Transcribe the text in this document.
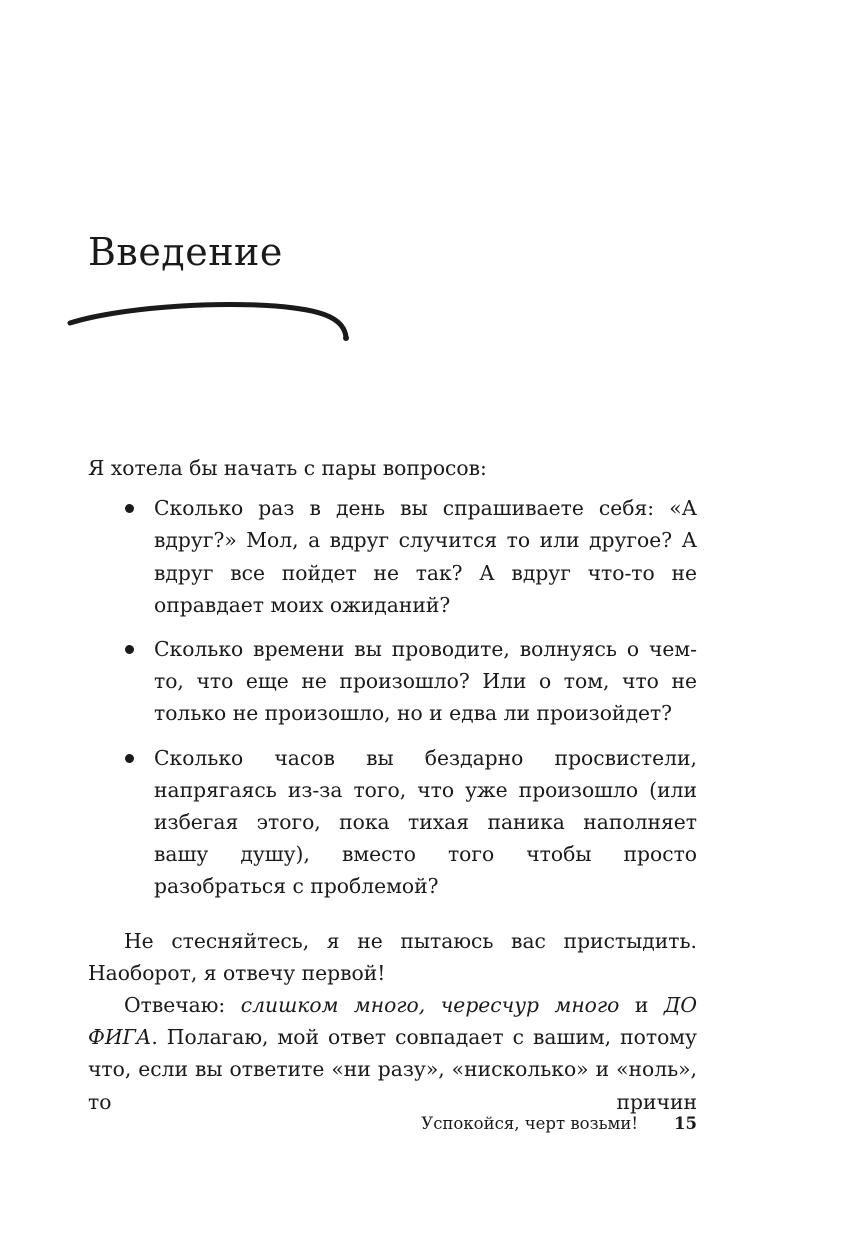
Введение

Я хотела бы начать с пары вопросов:

Сколько раз в день вы спрашиваете себя: «А вдруг?» Мол, а вдруг случится то или другое? А вдруг все пойдет не так? А вдруг что-то не оправдает моих ожиданий?
Сколько времени вы проводите, волнуясь о чем-то, что еще не произошло? Или о том, что не только не произошло, но и едва ли произойдет?
Сколько часов вы бездарно просвистели, напрягаясь из-за того, что уже произошло (или избегая этого, пока тихая паника наполняет вашу душу), вместо того чтобы просто разобраться с проблемой?

Не стесняйтесь, я не пытаюсь вас пристыдить. Наоборот, я отвечу первой!

Отвечаю: слишком много, чересчур много и ДО ФИГА. Полагаю, мой ответ совпадает с вашим, потому что, если вы ответите «ни разу», «нисколько» и «ноль», то причин

Успокойся, черт возьми! 15
